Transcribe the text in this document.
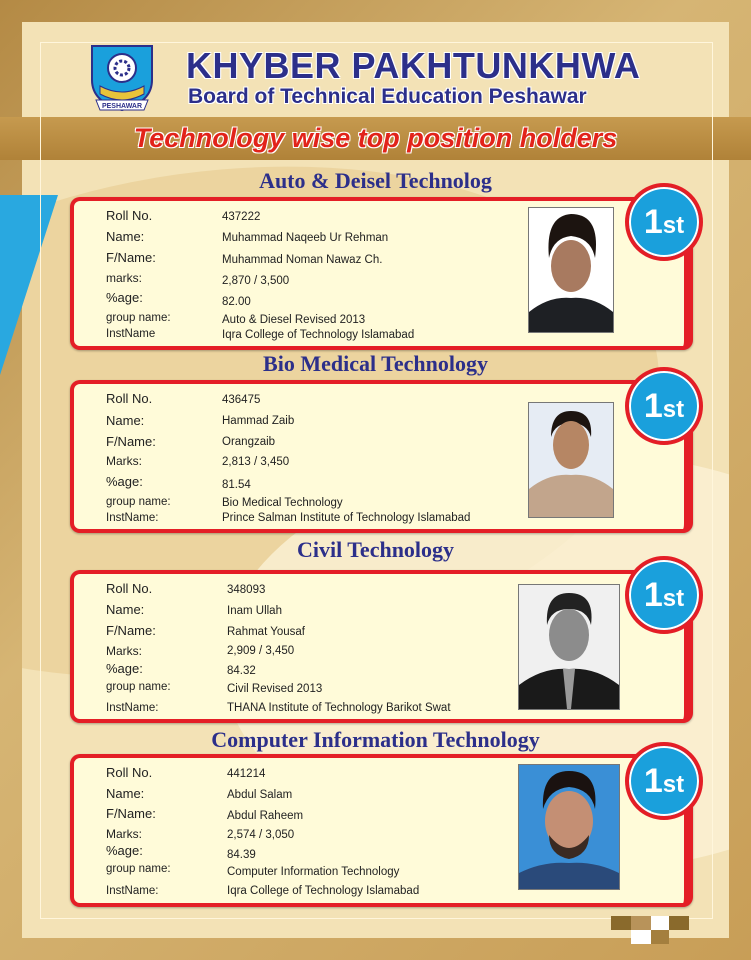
PESHAWAR
KHYBER PAKHTUNKHWA
Board of Technical Education Peshawar
Technology wise top position holders
Auto & Deisel Technolog
Roll No.	437222
Name:	Muhammad Naqeeb Ur Rehman
F/Name:	Muhammad Noman Nawaz Ch.
marks:	2,870 / 3,500
%age:	82.00
group name:	Auto & Diesel Revised 2013
InstName	Iqra College of Technology Islamabad
1st
Bio Medical Technology
Roll No.	436475
Name:	Hammad Zaib
F/Name:	Orangzaib
Marks:	2,813 / 3,450
%age:	81.54
group name:	Bio Medical Technology
InstName:	Prince Salman Institute of Technology Islamabad
1st
Civil Technology
Roll No.	348093
Name:	Inam Ullah
F/Name:	Rahmat Yousaf
Marks:	2,909 / 3,450
%age:	84.32
group name:	Civil Revised 2013
InstName:	THANA Institute of Technology Barikot Swat
1st
Computer Information Technology
Roll No.	441214
Name:	Abdul Salam
F/Name:	Abdul Raheem
Marks:	2,574 / 3,050
%age:	84.39
group name:	Computer Information Technology
InstName:	Iqra College of Technology Islamabad
1st
